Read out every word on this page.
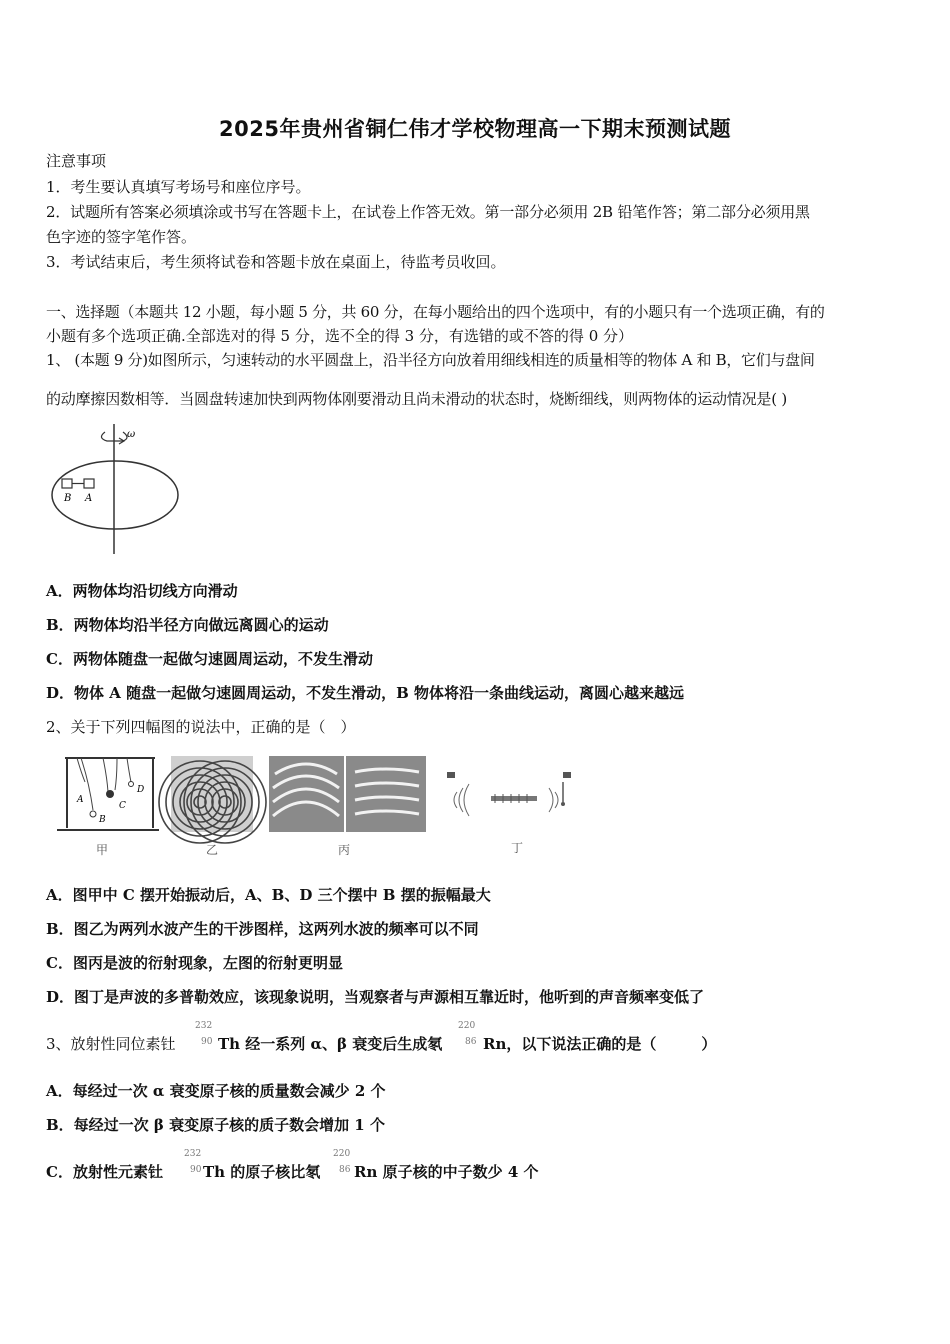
2025年贵州省铜仁伟才学校物理高一下期末预测试题
注意事项
1．考生要认真填写考场号和座位序号。
2．试题所有答案必须填涂或书写在答题卡上，在试卷上作答无效。第一部分必须用 2B 铅笔作答；第二部分必须用黑
色字迹的签字笔作答。
3．考试结束后，考生须将试卷和答题卡放在桌面上，待监考员收回。
一、选择题（本题共 12 小题，每小题 5 分，共 60 分，在每小题给出的四个选项中，有的小题只有一个选项正确，有的
小题有多个选项正确.全部选对的得 5 分，选不全的得 3 分，有选错的或不答的得 0 分）
1、 (本题 9 分)如图所示，匀速转动的水平圆盘上，沿半径方向放着用细线相连的质量相等的物体 A 和 B，它们与盘间
的动摩擦因数相等．当圆盘转速加快到两物体刚要滑动且尚未滑动的状态时，烧断细线，则两物体的运动情况是( )
ω
B A
A．两物体均沿切线方向滑动
B．两物体均沿半径方向做远离圆心的运动
C．两物体随盘一起做匀速圆周运动，不发生滑动
D．物体 A 随盘一起做匀速圆周运动，不发生滑动，B 物体将沿一条曲线运动，离圆心越来越远
2、关于下列四幅图的说法中，正确的是（　）
A
B
C
D
甲	乙	丙	丁
A．图甲中 C 摆开始振动后，A、B、D 三个摆中 B 摆的振幅最大
B．图乙为两列水波产生的干涉图样，这两列水波的频率可以不同
C．图丙是波的衍射现象，左图的衍射更明显
D．图丁是声波的多普勒效应，该现象说明，当观察者与声源相互靠近时，他听到的声音频率变低了
3、放射性同位素钍
232
90 Th 经一系列 α、β 衰变后生成氡
220
86 Rn，以下说法正确的是（　　　）
A．每经过一次 α 衰变原子核的质量数会减少 2 个
B．每经过一次 β 衰变原子核的质子数会增加 1 个
C．放射性元素钍
232
90 Th 的原子核比氡
220
86 Rn 原子核的中子数少 4 个
